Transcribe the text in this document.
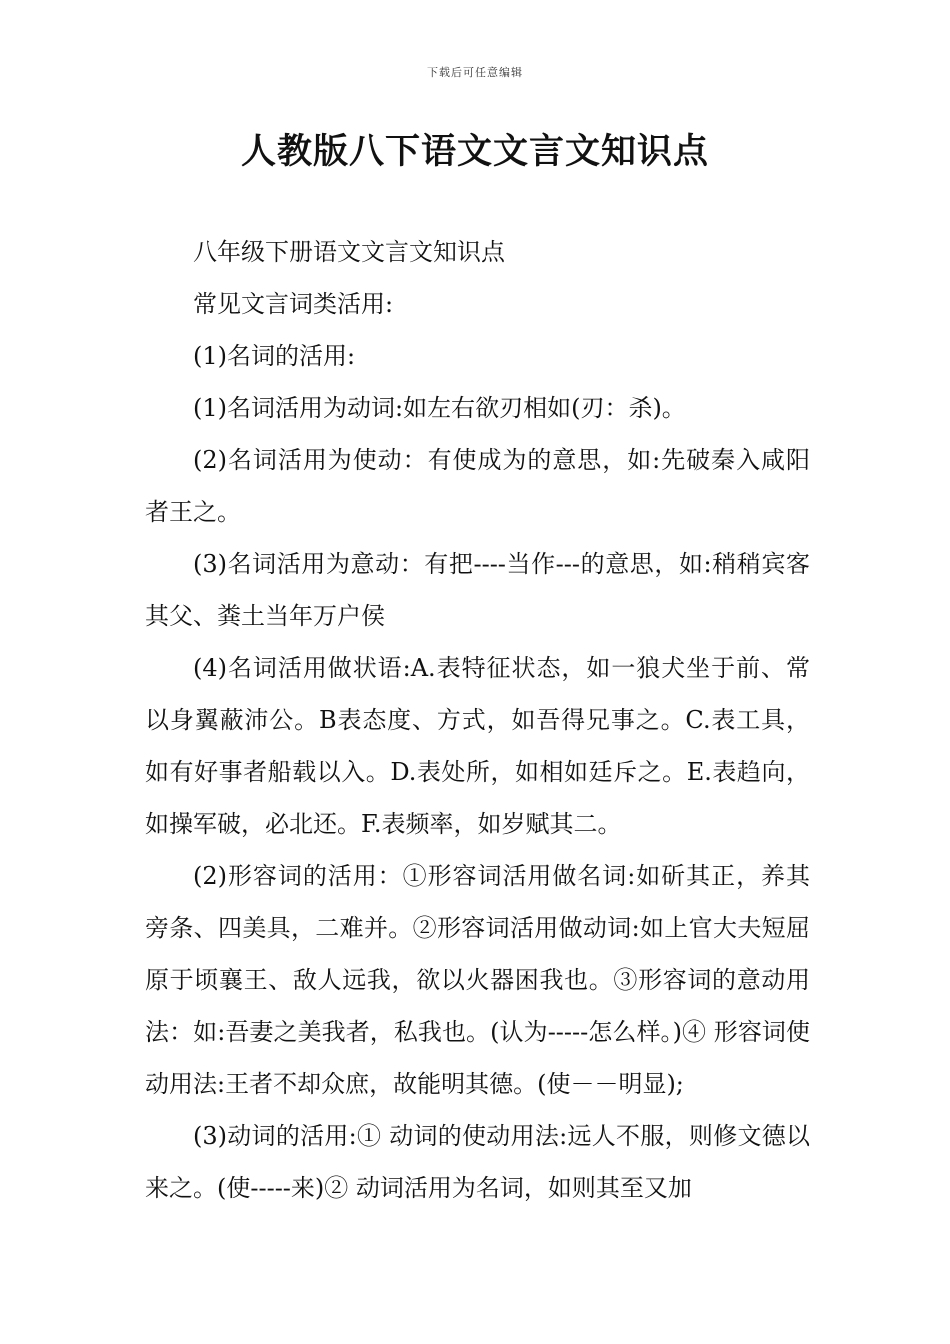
下载后可任意编辑
人教版八下语文文言文知识点

八年级下册语文文言文知识点

常见文言词类活用:

(1)名词的活用:

(1)名词活用为动词:如左右欲刃相如(刃：杀)。

(2)名词活用为使动：有使成为的意思，如:先破秦入咸阳者王之。

(3)名词活用为意动：有把----当作---的意思，如:稍稍宾客其父、粪土当年万户侯

(4)名词活用做状语:A.表特征状态，如一狼犬坐于前、常以身翼蔽沛公。B表态度、方式，如吾得兄事之。C.表工具，如有好事者船载以入。D.表处所，如相如廷斥之。E.表趋向，如操军破，必北还。F.表频率，如岁赋其二。

(2)形容词的活用：①形容词活用做名词:如斫其正，养其旁条、四美具，二难并。②形容词活用做动词:如上官大夫短屈原于顷襄王、敌人远我，欲以火器困我也。③形容词的意动用法：如:吾妻之美我者，私我也。(认为-----怎么样。)④ 形容词使动用法:王者不却众庶，故能明其德。(使－－明显);

(3)动词的活用:① 动词的使动用法:远人不服，则修文德以来之。(使-----来)② 动词活用为名词，如则其至又加
